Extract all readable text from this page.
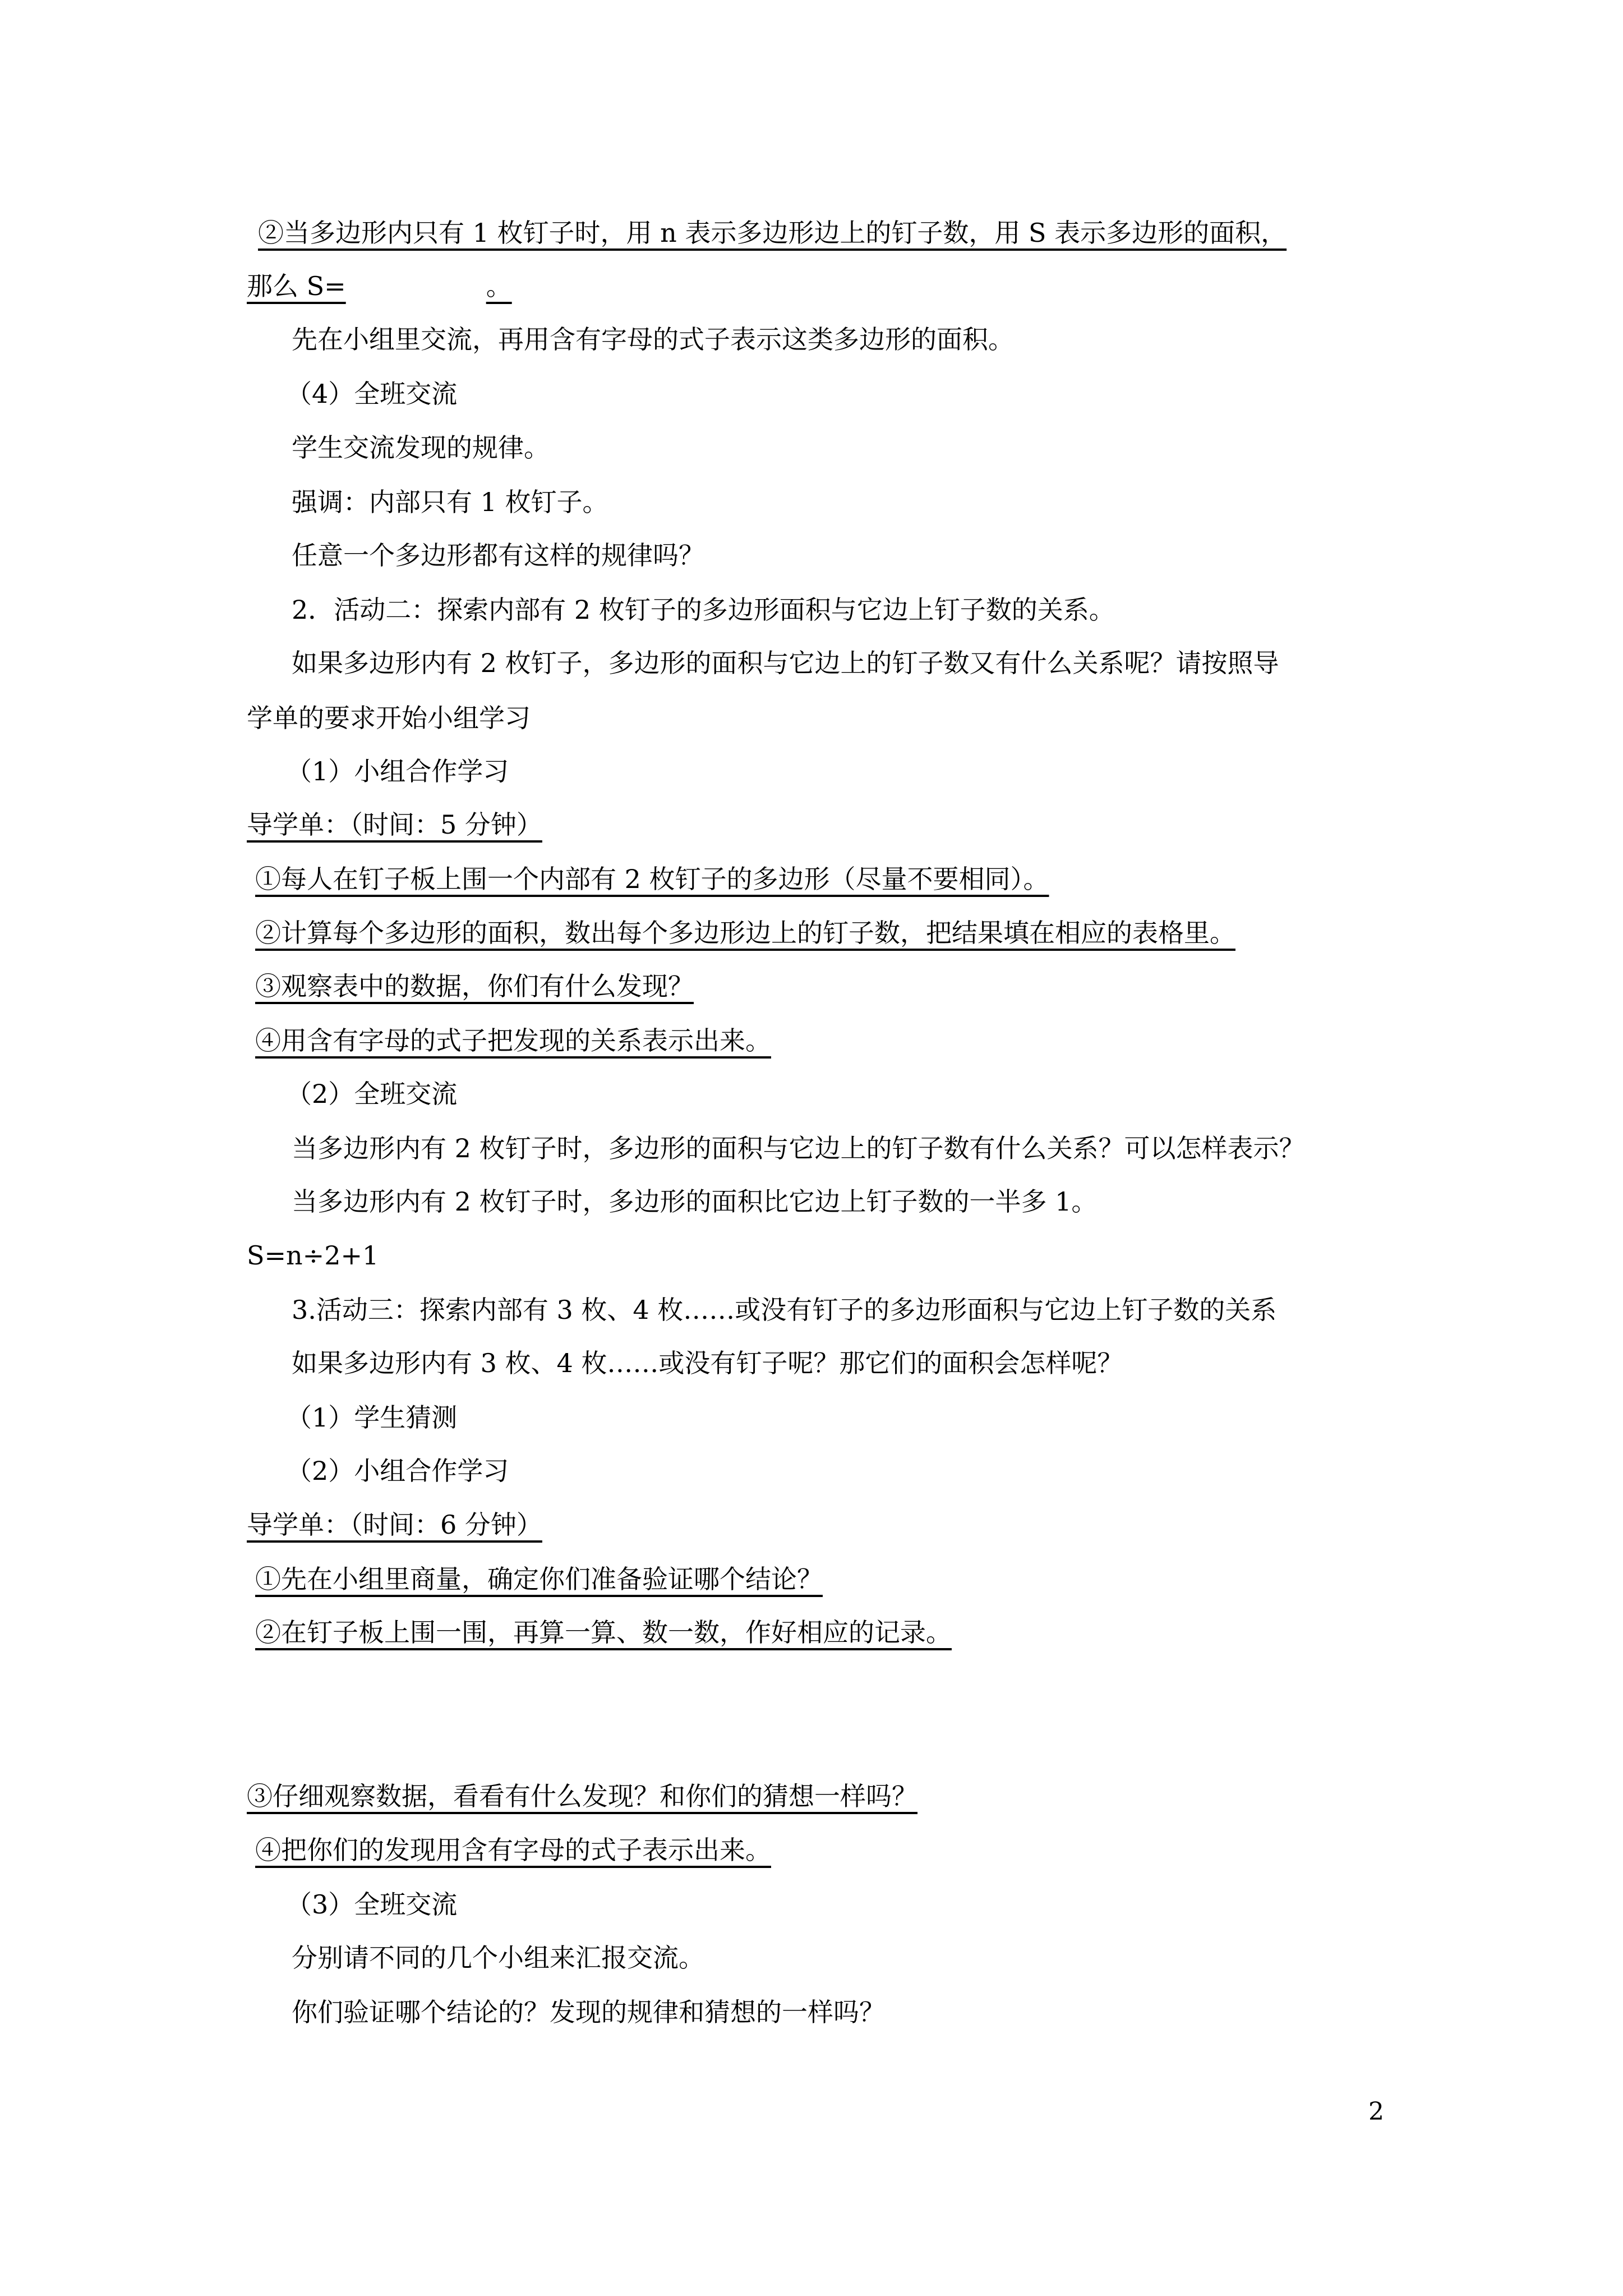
②当多边形内只有 1 枚钉子时，用 n 表示多边形边上的钉子数，用 S 表示多边形的面积，
那么 S=	。
先在小组里交流，再用含有字母的式子表示这类多边形的面积。
（4）全班交流
学生交流发现的规律。
强调：内部只有 1 枚钉子。
任意一个多边形都有这样的规律吗？
2．活动二：探索内部有 2 枚钉子的多边形面积与它边上钉子数的关系。
如果多边形内有 2 枚钉子，多边形的面积与它边上的钉子数又有什么关系呢？请按照导
学单的要求开始小组学习
（1）小组合作学习
导学单：（时间：5 分钟）
①每人在钉子板上围一个内部有 2 枚钉子的多边形（尽量不要相同）。
②计算每个多边形的面积，数出每个多边形边上的钉子数，把结果填在相应的表格里。
③观察表中的数据，你们有什么发现？
④用含有字母的式子把发现的关系表示出来。
（2）全班交流
当多边形内有 2 枚钉子时，多边形的面积与它边上的钉子数有什么关系？可以怎样表示？
当多边形内有 2 枚钉子时，多边形的面积比它边上钉子数的一半多 1。
S=n÷2+1
3.活动三：探索内部有 3 枚、4 枚……或没有钉子的多边形面积与它边上钉子数的关系
如果多边形内有 3 枚、4 枚……或没有钉子呢？那它们的面积会怎样呢？
（1）学生猜测
（2）小组合作学习
导学单：（时间：6 分钟）
①先在小组里商量，确定你们准备验证哪个结论？
②在钉子板上围一围，再算一算、数一数，作好相应的记录。
③仔细观察数据，看看有什么发现？和你们的猜想一样吗？
④把你们的发现用含有字母的式子表示出来。
（3）全班交流
分别请不同的几个小组来汇报交流。
你们验证哪个结论的？发现的规律和猜想的一样吗？
2
